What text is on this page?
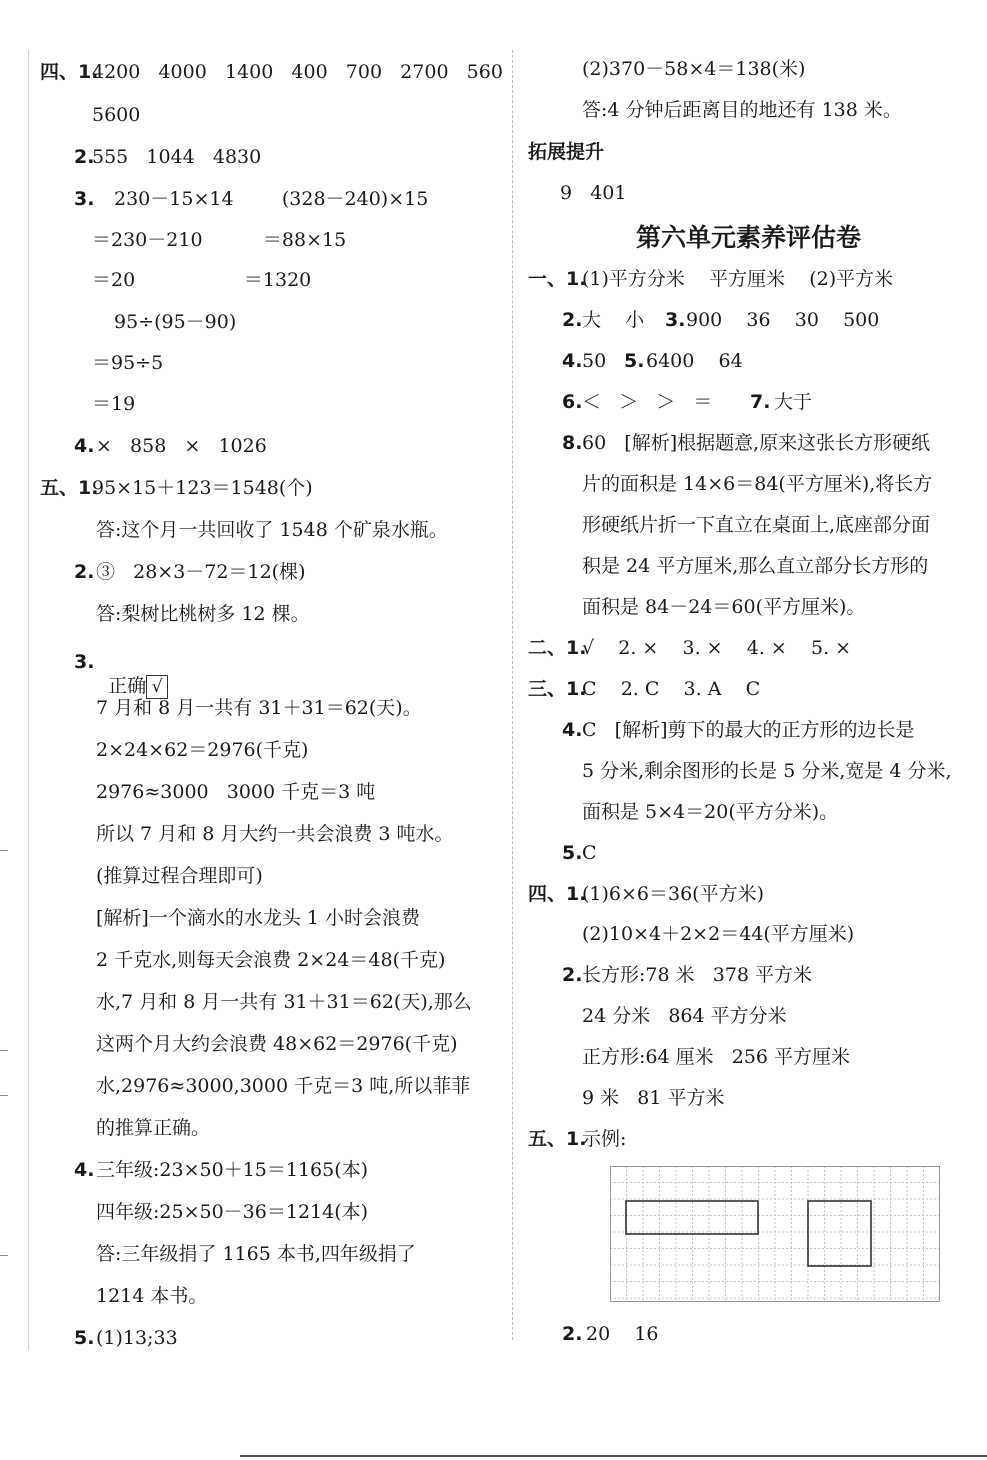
四、1.
4200   4000   1400   400   700   2700   560
5600
2.
555   1044   4830
3. 230－15×14        (328－240)×15
＝230－210          ＝88×15
＝20                  ＝1320
95÷(95－90)
＝95÷5
＝19
4. ×   858   ×   1026
五、1.
95×15＋123＝1548(个)
答:这个月一共回收了 1548 个矿泉水瓶。
2. ③   28×3－72＝12(棵)
答:梨树比桃树多 12 棵。
3.

正确 √

7 月和 8 月一共有 31＋31＝62(天)。
2×24×62＝2976(千克)
2976≈3000   3000 千克＝3 吨
所以 7 月和 8 月大约一共会浪费 3 吨水。
(推算过程合理即可)
[解析]一个滴水的水龙头 1 小时会浪费
2 千克水,则每天会浪费 2×24＝48(千克)
水,7 月和 8 月一共有 31＋31＝62(天),那么
这两个月大约会浪费 48×62＝2976(千克)
水,2976≈3000,3000 千克＝3 吨,所以菲菲
的推算正确。
4. 三年级:23×50＋15＝1165(本)
四年级:25×50－36＝1214(本)
答:三年级捐了 1165 本书,四年级捐了
1214 本书。
5. (1)13;33
(2)370－58×4＝138(米)
答:4 分钟后距离目的地还有 138 米。
拓展提升
9   401
第六单元素养评估卷
一、1.
(1)平方分米    平方厘米    (2)平方米
2. 大    小 3. 900    36    30    500
4. 50 5. 6400    64
6. ＜   ＞   ＞   ＝ 7. 大于
8. 60   [解析]根据题意,原来这张长方形硬纸
片的面积是 14×6＝84(平方厘米),将长方
形硬纸片折一下直立在桌面上,底座部分面
积是 24 平方厘米,那么直立部分长方形的
面积是 84－24＝60(平方厘米)。
二、1.
√    2. ×    3. ×    4. ×    5. ×
三、1.
C    2. C    3. A    C
4. C   [解析]剪下的最大的正方形的边长是
5 分米,剩余图形的长是 5 分米,宽是 4 分米,
面积是 5×4＝20(平方分米)。
5. C
四、1.
(1)6×6＝36(平方米)
(2)10×4＋2×2＝44(平方厘米)
2. 长方形:78 米   378 平方米
24 分米   864 平方分米
正方形:64 厘米   256 平方厘米
9 米   81 平方米
五、1.
示例:
2. 20    16
